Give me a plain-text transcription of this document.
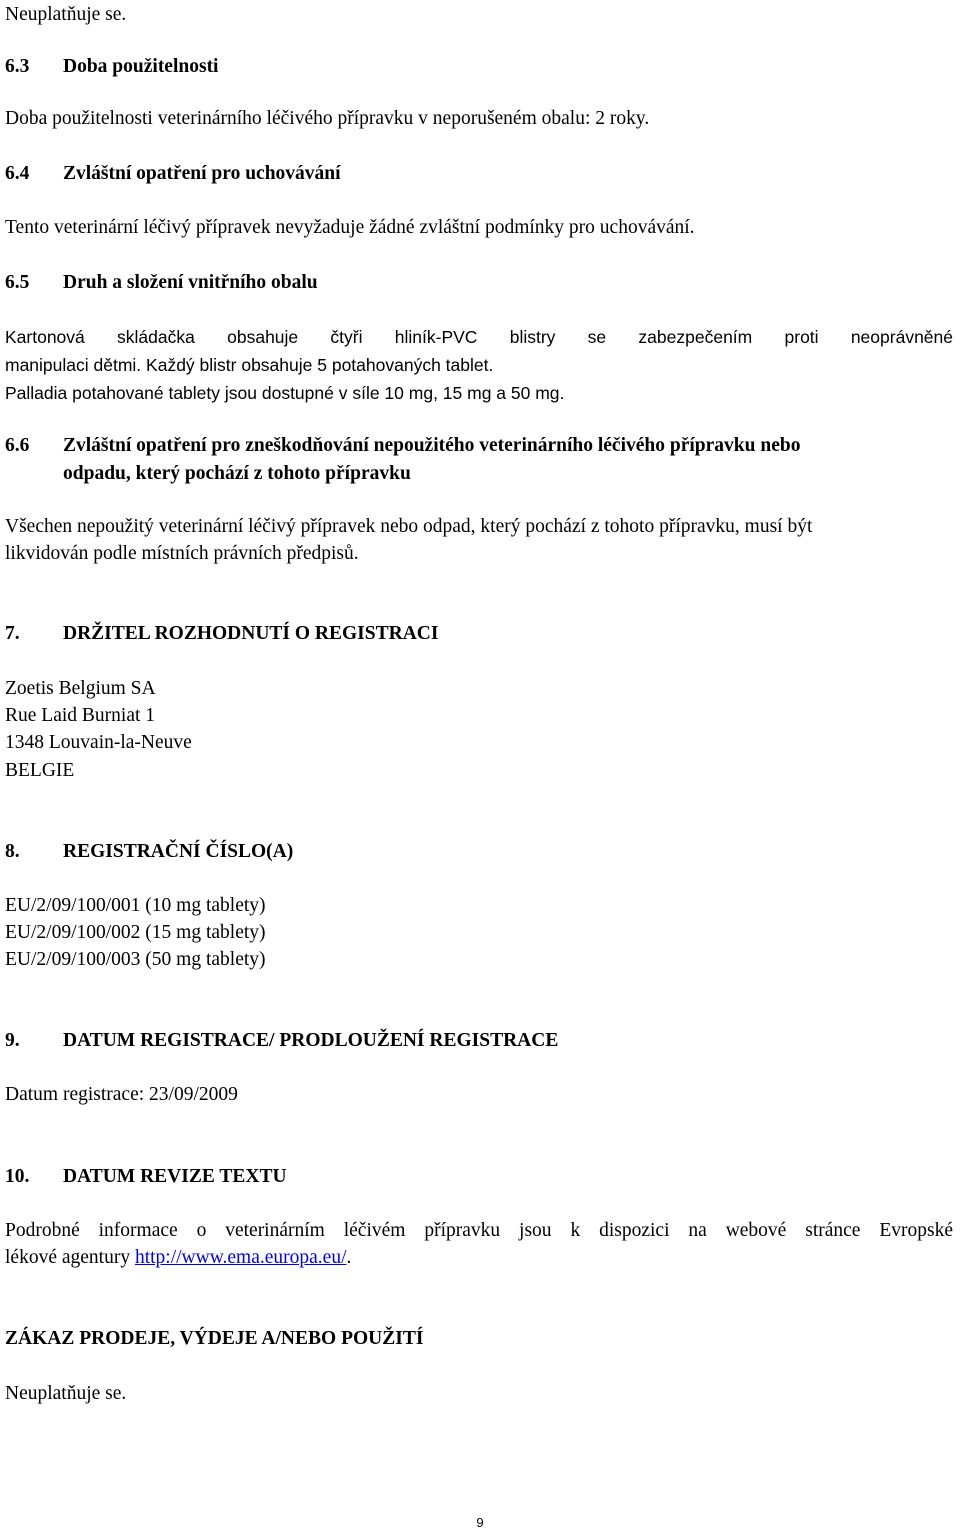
Neuplatňuje se.
6.3 Doba použitelnosti
Doba použitelnosti veterinárního léčivého přípravku v neporušeném obalu: 2 roky.
6.4 Zvláštní opatření pro uchovávání
Tento veterinární léčivý přípravek nevyžaduje žádné zvláštní podmínky pro uchovávání.
6.5 Druh a složení vnitřního obalu
Kartonová skládačka obsahuje čtyři hliník-PVC blistry se zabezpečením proti neoprávněné
manipulaci dětmi. Každý blistr obsahuje 5 potahovaných tablet.
Palladia potahované tablety jsou dostupné v síle 10 mg, 15 mg a 50 mg.
6.6 Zvláštní opatření pro zneškodňování nepoužitého veterinárního léčivého přípravku nebo
odpadu, který pochází z tohoto přípravku
Všechen nepoužitý veterinární léčivý přípravek nebo odpad, který pochází z tohoto přípravku, musí být
likvidován podle místních právních předpisů.
7. DRŽITEL ROZHODNUTÍ O REGISTRACI
Zoetis Belgium SA
Rue Laid Burniat 1
1348 Louvain-la-Neuve
BELGIE
8. REGISTRAČNÍ ČÍSLO(A)
EU/2/09/100/001 (10 mg tablety)
EU/2/09/100/002 (15 mg tablety)
EU/2/09/100/003 (50 mg tablety)
9. DATUM REGISTRACE/ PRODLOUŽENÍ REGISTRACE
Datum registrace: 23/09/2009
10. DATUM REVIZE TEXTU
Podrobné informace o veterinárním léčivém přípravku jsou k dispozici na webové stránce Evropské
lékové agentury http://www.ema.europa.eu/.
ZÁKAZ PRODEJE, VÝDEJE A/NEBO POUŽITÍ
Neuplatňuje se.
9
